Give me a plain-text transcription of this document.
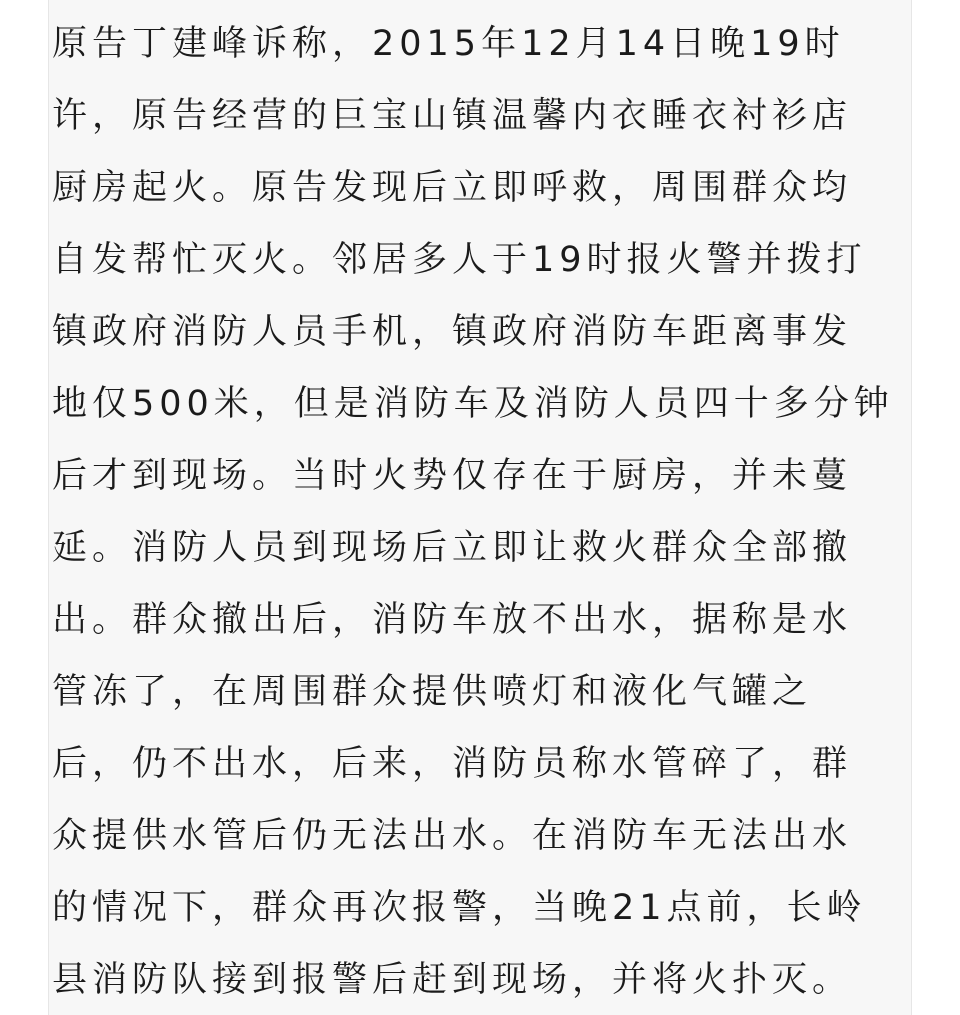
原告丁建峰诉称，2015年12月14日晚19时
许，原告经营的巨宝山镇温馨内衣睡衣衬衫店
厨房起火。原告发现后立即呼救，周围群众均
自发帮忙灭火。邻居多人于19时报火警并拨打
镇政府消防人员手机，镇政府消防车距离事发
地仅500米，但是消防车及消防人员四十多分钟
后才到现场。当时火势仅存在于厨房，并未蔓
延。消防人员到现场后立即让救火群众全部撤
出。群众撤出后，消防车放不出水，据称是水
管冻了，在周围群众提供喷灯和液化气罐之
后，仍不出水，后来，消防员称水管碎了，群
众提供水管后仍无法出水。在消防车无法出水
的情况下，群众再次报警，当晚21点前，长岭
县消防队接到报警后赶到现场，并将火扑灭。
